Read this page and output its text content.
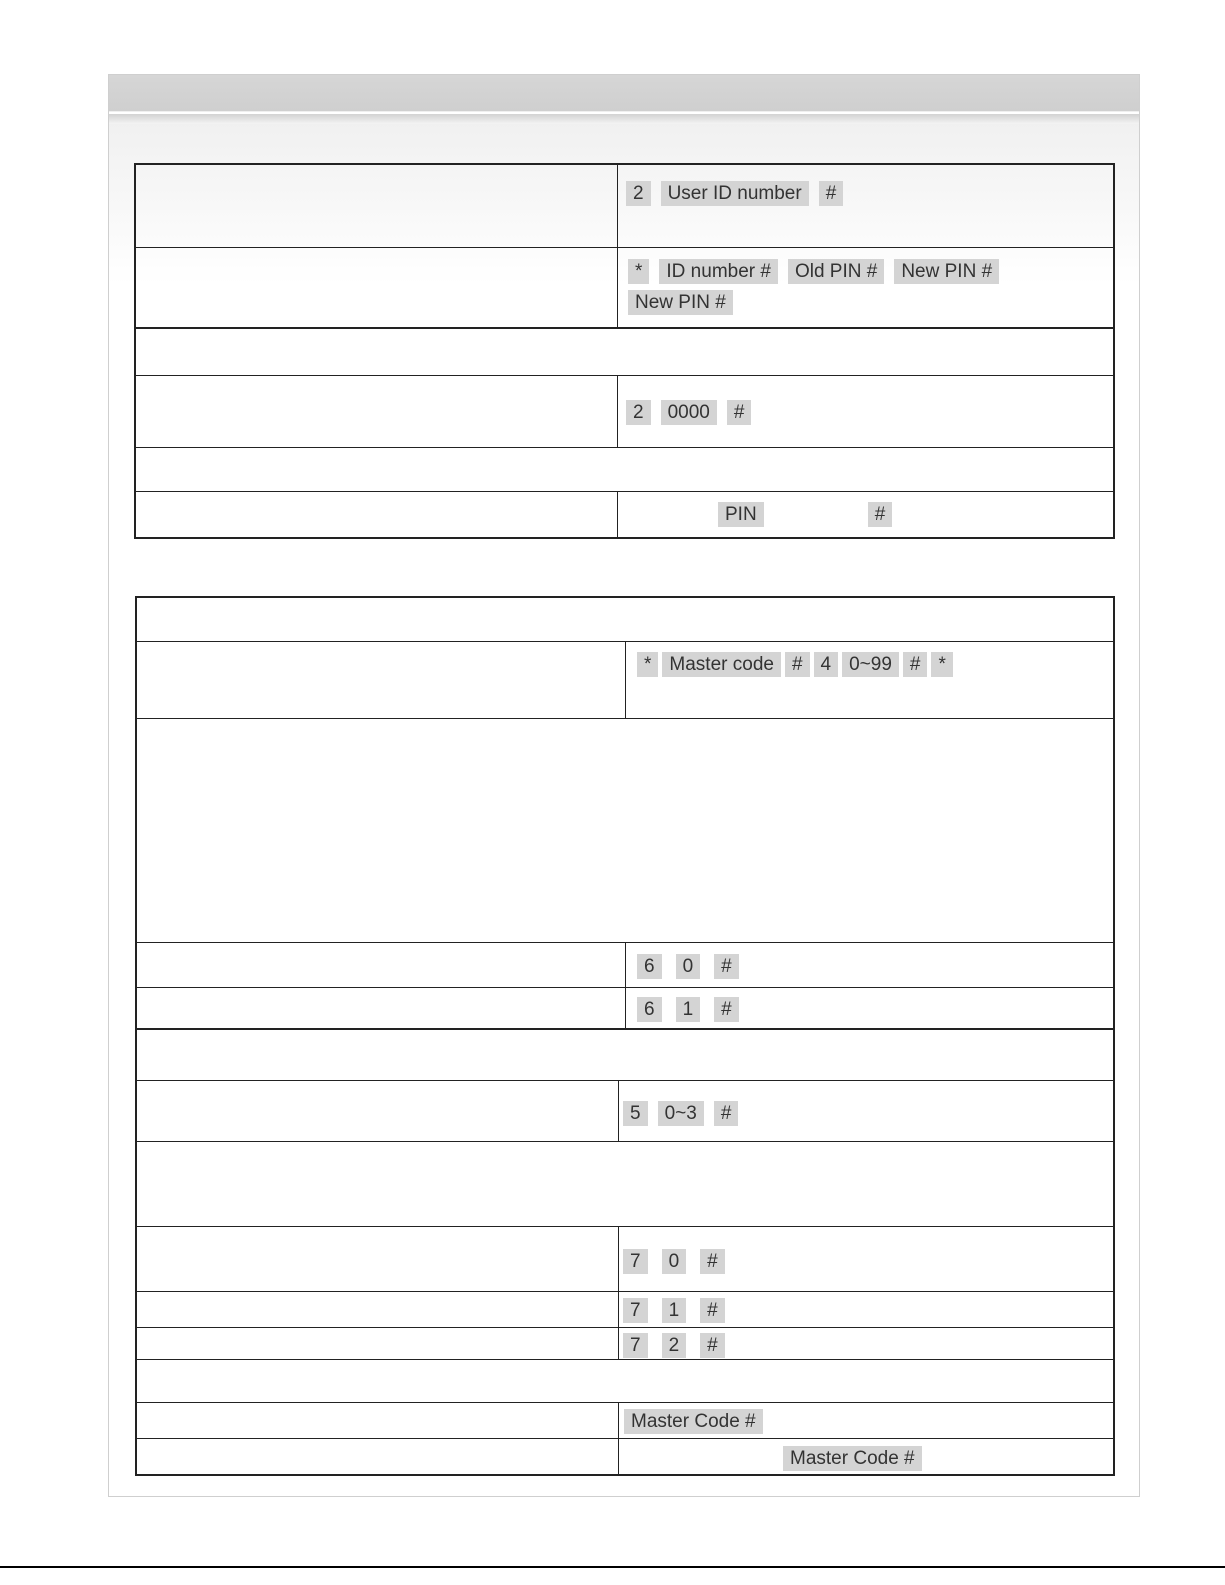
2	User ID number	#
*	ID number #	Old PIN #	New PIN #
New PIN #
2	0000	#
PIN	#
* Master code # 4 0~99 # *
6	0	#
6	1	#
5	0~3	#
7	0	#
7	1	#
7	2	#
Master Code #
Master Code #
